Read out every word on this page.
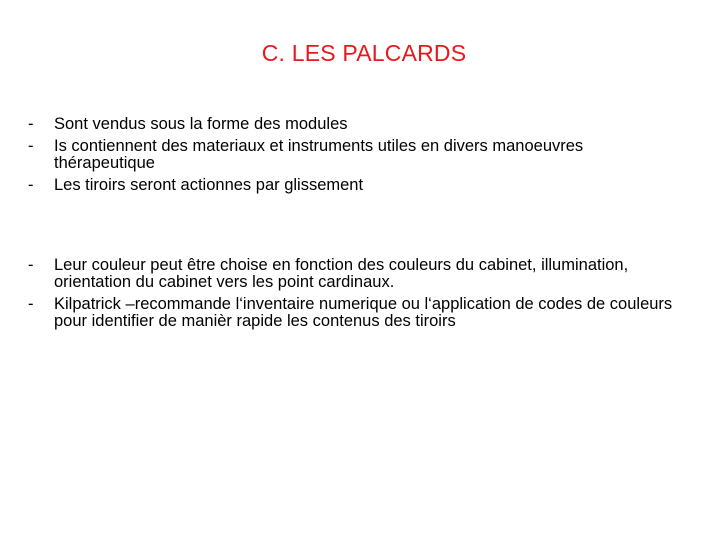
C. LES PALCARDS
-	Sont vendus sous la forme des modules
-	Is contiennent des materiaux et instruments utiles en divers manoeuvres thérapeutique
-	Les tiroirs seront actionnes par glissement
-	Leur couleur peut être choise en fonction des couleurs du cabinet, illumination, orientation du cabinet vers les point cardinaux.
-	Kilpatrick –recommande l‘inventaire numerique ou l‘application de codes de couleurs pour identifier de manièr rapide les contenus des tiroirs
